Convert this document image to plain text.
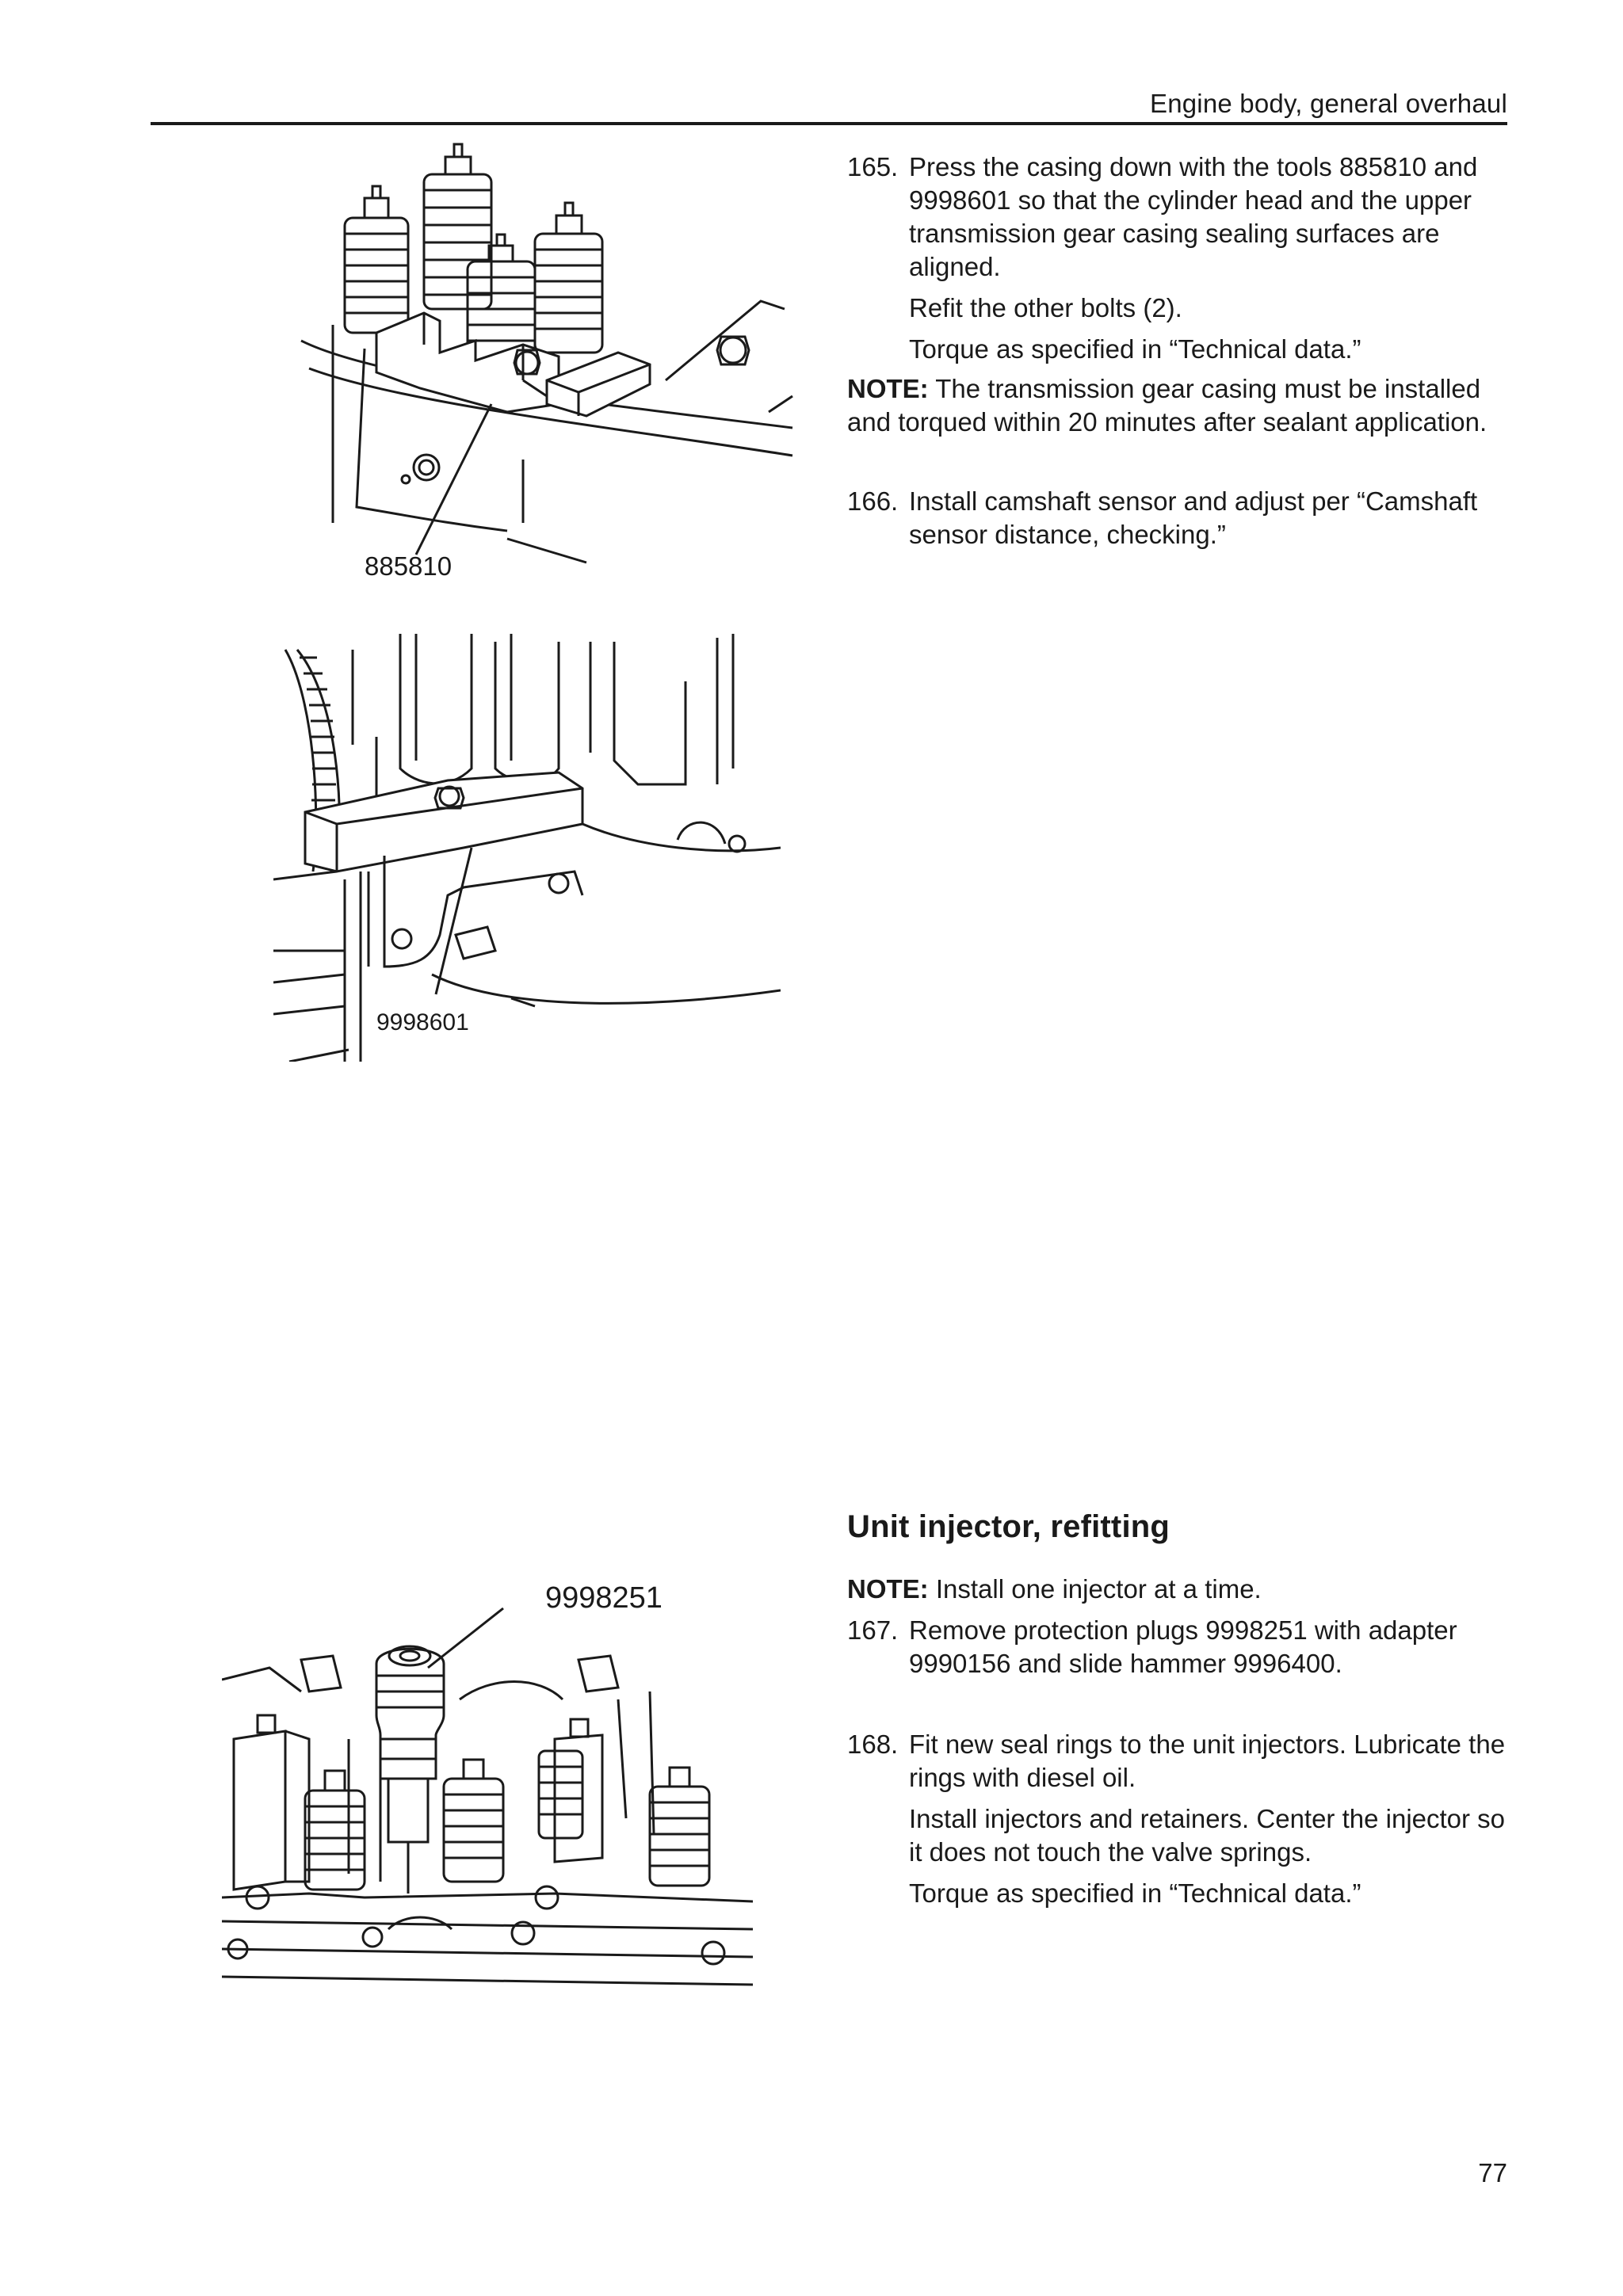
Engine body, general overhaul
885810
9998601
9998251
165. Press the casing down with the tools 885810 and 9998601 so that the cylinder head and the upper transmission gear casing sealing surfaces are aligned.
Refit the other bolts (2).
Torque as specified in “Technical data.”
NOTE: The transmission gear casing must be installed and torqued within 20 minutes after sealant application.
166. Install camshaft sensor and adjust per “Camshaft sensor distance, checking.”
Unit injector, refitting
NOTE: Install one injector at a time.
167. Remove protection plugs 9998251 with adapter 9990156 and slide hammer 9996400.
168. Fit new seal rings to the unit injectors. Lubricate the rings with diesel oil.
Install injectors and retainers. Center the injector so it does not touch the valve springs.
Torque as specified in “Technical data.”
77
